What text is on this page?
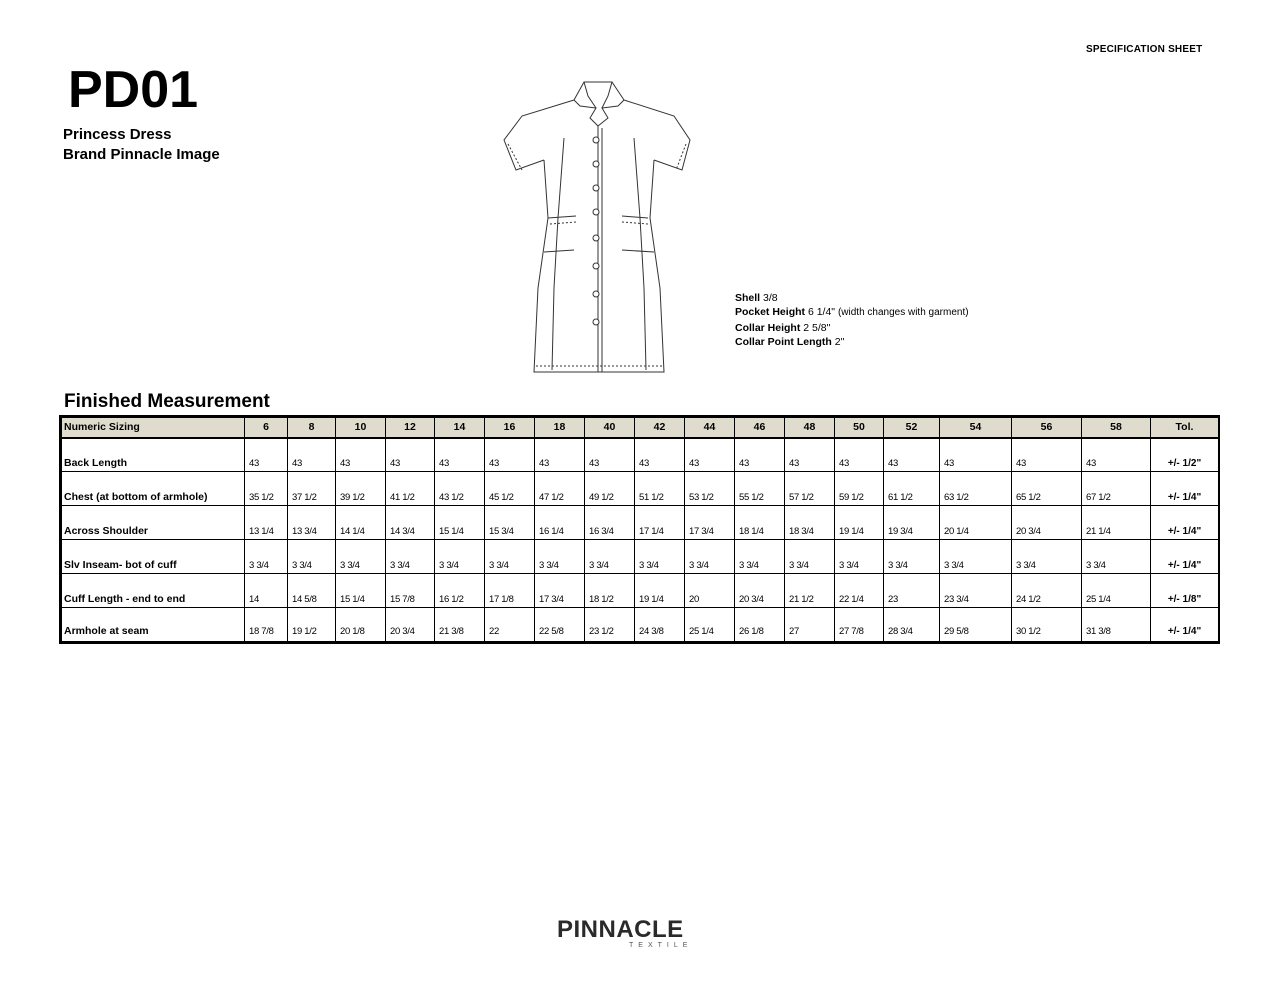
SPECIFICATION SHEET
PD01
Princess Dress
Brand Pinnacle Image
Shell 3/8
Pocket Height 6 1/4" (width changes with garment)
Collar Height 2 5/8"
Collar Point Length 2"
Finished Measurement
Numeric Sizing	6	8	10	12	14	16	18	40	42	44	46	48	50	52	54	56	58	Tol.
Back Length	43	43	43	43	43	43	43	43	43	43	43	43	43	43	43	43	43	+/- 1/2"
Chest (at bottom of armhole)	35 1/2	37 1/2	39 1/2	41 1/2	43 1/2	45 1/2	47 1/2	49 1/2	51 1/2	53 1/2	55 1/2	57 1/2	59 1/2	61 1/2	63 1/2	65 1/2	67 1/2	+/- 1/4"
Across Shoulder	13 1/4	13 3/4	14 1/4	14 3/4	15 1/4	15 3/4	16 1/4	16 3/4	17 1/4	17 3/4	18 1/4	18 3/4	19 1/4	19 3/4	20 1/4	20 3/4	21 1/4	+/- 1/4"
Slv Inseam- bot of cuff	3 3/4	3 3/4	3 3/4	3 3/4	3 3/4	3 3/4	3 3/4	3 3/4	3 3/4	3 3/4	3 3/4	3 3/4	3 3/4	3 3/4	3 3/4	3 3/4	3 3/4	+/- 1/4"
Cuff Length - end to end	14	14 5/8	15 1/4	15 7/8	16 1/2	17 1/8	17 3/4	18 1/2	19 1/4	20	20 3/4	21 1/2	22 1/4	23	23 3/4	24 1/2	25 1/4	+/- 1/8"
Armhole at seam	18 7/8	19 1/2	20 1/8	20 3/4	21 3/8	22	22 5/8	23 1/2	24 3/8	25 1/4	26 1/8	27	27 7/8	28 3/4	29 5/8	30 1/2	31 3/8	+/- 1/4"
PINNACLE
TEXTILE
